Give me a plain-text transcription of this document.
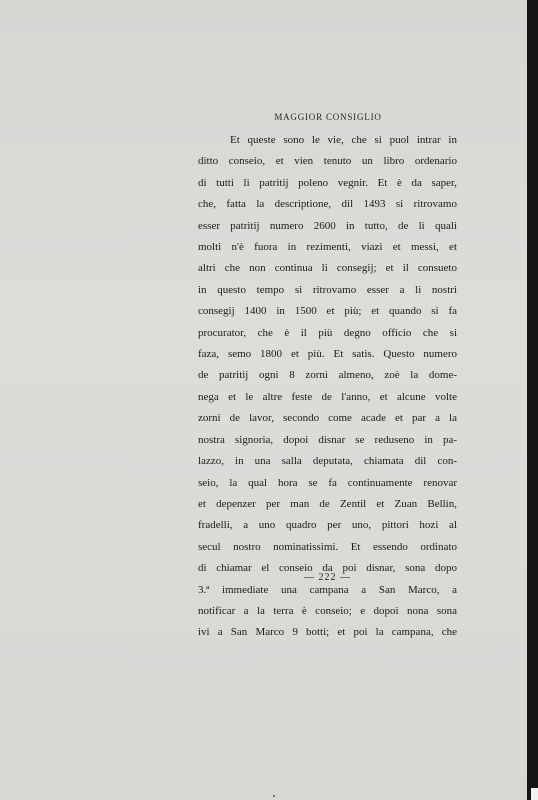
MAGGIOR CONSIGLIO
Et queste sono le vie, che si puol intrar in
ditto conseio, et vien tenuto un libro ordenario
di tutti li patritij poleno vegnir. Et è da saper,
che, fatta la descriptione, dil 1493 si ritrovamo
esser patritij numero 2600 in tutto, de li quali
molti n'è fuora in rezimenti, viazi et messi, et
altri che non continua li consegij; et il consueto
in questo tempo si ritrovamo esser a li nostri
consegij 1400 in 1500 et più; et quando si fa
procurator, che è il più degno officio che si
faza, semo 1800 et più. Et satis. Questo numero
de patritij ogni 8 zorni almeno, zoè la dome-
nega et le altre feste de l'anno, et alcune volte
zorni de lavor, secondo come acade et par a la
nostra signoria, dopoi disnar se reduseno in pa-
lazzo, in una salla deputata, chiamata dil con-
seio, la qual hora se fa continuamente renovar
et depenzer per man de Zentil et Zuan Bellin,
fradelli, a uno quadro per uno, pittori hozi al
secul nostro nominatissimi. Et essendo ordinato
di chiamar el conseio da poi disnar, sona dopo
3.ª immediate una campana a San Marco, a
notificar a la terra è conseio; e dopoi nona sona
ivi a San Marco 9 botti; et poi la campana, che
— 222 —
